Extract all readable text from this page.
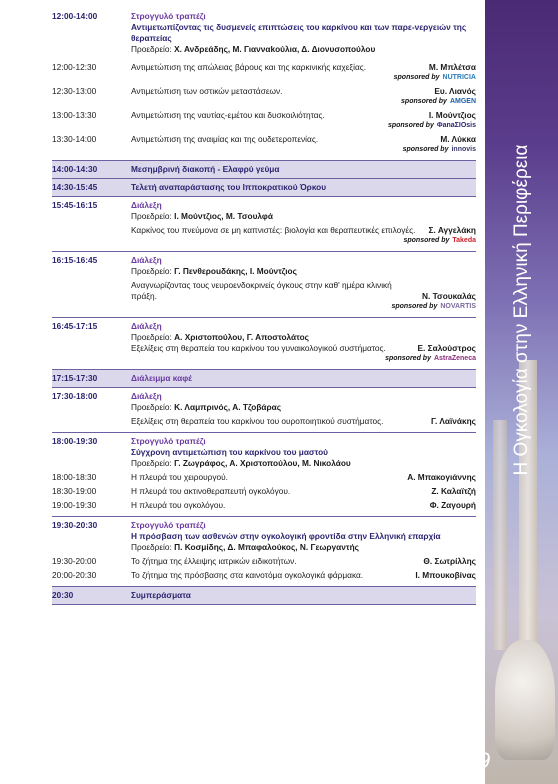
12:00-14:00	Στρογγυλό τραπέζι
Αντιμετωπίζοντας τις δυσμενείς επιπτώσεις του καρκίνου και των παρε-νεργειών της θεραπείας
Προεδρείο: Χ. Ανδρεάδης, Μ. Γιανναkoύλια, Δ. Διονυσοπούλου
12:00-12:30	Αντιμετώπιση της απώλειας βάρους και της καρκινικής καχεξίας.	Μ. Μπλέτσα
sponsored by NUTRICIA
12:30-13:00	Αντιμετώπιση των οστικών μεταστάσεων.	Ευ. Λιανός
sponsored by AMGEN
13:00-13:30	Αντιμετώπιση της ναυτίας-εμέτου και δυσκοιλιότητας.	Ι. Μούντζιος
sponsored by ΦanaΣΙΟsis
13:30-14:00	Αντιμετώπιση της αναιμίας και της ουδετεροπενίας.	Μ. Λύκκα
sponsored by innovis
14:00-14:30	Μεσημβρινή διακοπή - Ελαφρύ γεύμα
14:30-15:45	Τελετή αναπαράστασης του Ιπποκρατικού Όρκου
15:45-16:15	Διάλεξη
Προεδρείο: Ι. Μούντζιος, Μ. Τσουλφά
Καρκίνος του πνεύμονα σε μη καπνιστές: βιολογία και θεραπευτικές επιλογές.	Σ. Αγγελάκη
sponsored by Takeda
16:15-16:45	Διάλεξη
Προεδρείο: Γ. Πενθεροuδάκης, Ι. Μούντζιος
Αναγνωρίζοντας τους νευροενδοκρινείς όγκους στην καθ' ημέρα κλινική πράξη.	Ν. Τσουκαλάς
sponsored by NOVARTIS
16:45-17:15	Διάλεξη
Προεδρείο: Α. Χριστοπούλου, Γ. Αποστολάτος
Εξελίξεις στη θεραπεία του καρκίνου του γυναικολογικού συστήματος.	Ε. Σαλούστρος
sponsored by AstraZeneca
17:15-17:30	Διάλειμμα καφέ
17:30-18:00	Διάλεξη
Προεδρείο: Κ. Λαμπρινός, Α. Τζοβάρας
Εξελίξεις στη θεραπεία του καρκίνου του ουροποιητικού συστήματος.	Γ. Λαϊνάκης
18:00-19:30	Στρογγυλό τραπέζι
Σύγχρονη αντιμετώπιση του καρκίνου του μαστού
Προεδρείο: Γ. Ζωγράφος, Α. Χριστοπούλου, Μ. Νικολάου
18:00-18:30	Η πλευρά του χειρουργού.	Α. Μπακογιάννης
18:30-19:00	Η πλευρά του ακτινοθεραπευτή ογκολόγου.	Ζ. Καλαϊτζή
19:00-19:30	Η πλευρά του ογκολόγου.	Φ. Ζαγουρή
19:30-20:30	Στρογγυλό τραπέζι
Η πρόσβαση των ασθενών στην ογκολογική φροντίδα στην Ελληνική επαρχία
Προεδρείο: Π. Κοσμίδης, Δ. Μπαφαλούκος, Ν. Γεωργαντής
19:30-20:00	Το ζήτημα της έλλειψης ιατρικών ειδικοτήτων.	Θ. Σωτρίλλης
20:00-20:30	Το ζήτημα της πρόσβασης στα καινοτόμα ογκολογικά φάρμακα.	Ι. Μπουκοβίνας
20:30	Συμπεράσματα
Η Ογκολογία στην Ελληνική Περιφέρεια
9
